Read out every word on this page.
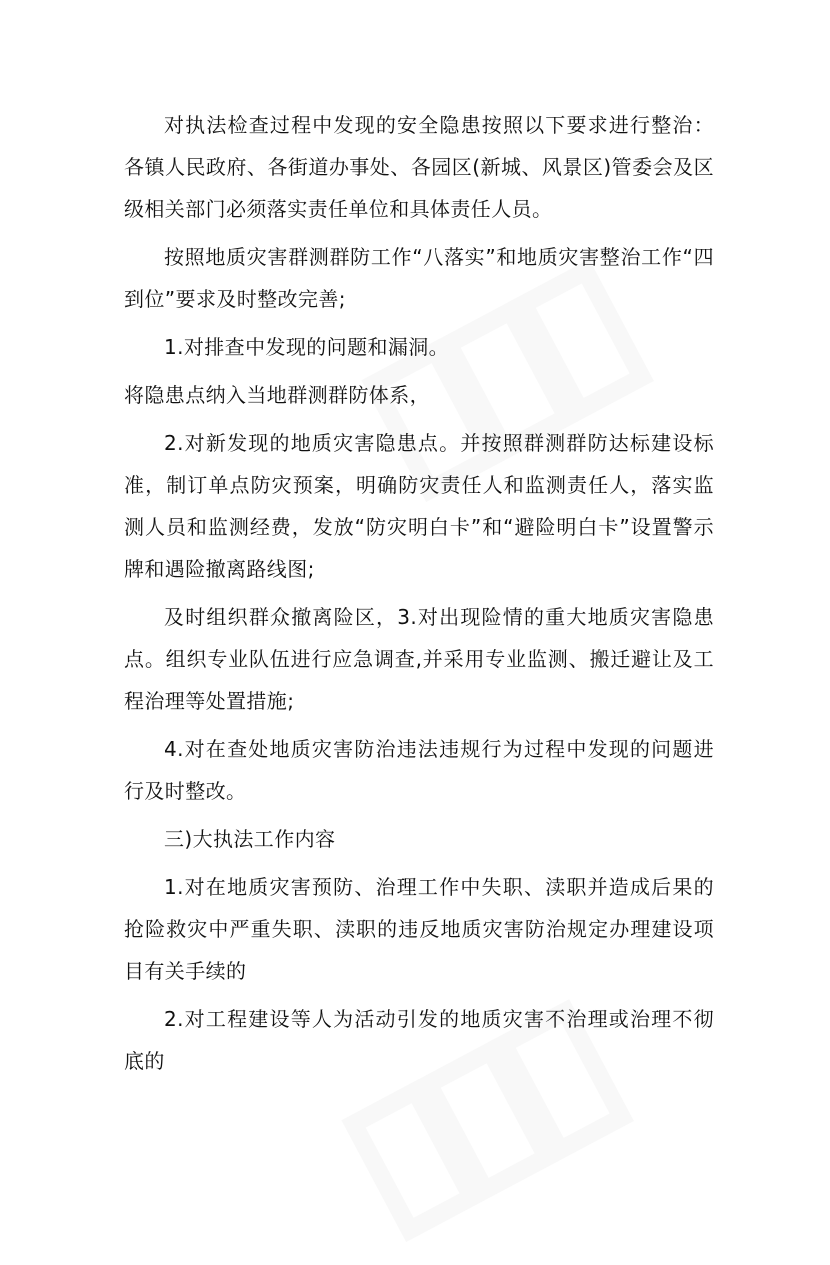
对执法检查过程中发现的安全隐患按照以下要求进行整治：各镇人民政府、各街道办事处、各园区(新城、风景区)管委会及区级相关部门必须落实责任单位和具体责任人员。

按照地质灾害群测群防工作“八落实”和地质灾害整治工作“四到位”要求及时整改完善;

1.对排查中发现的问题和漏洞。

将隐患点纳入当地群测群防体系，

2.对新发现的地质灾害隐患点。并按照群测群防达标建设标准，制订单点防灾预案，明确防灾责任人和监测责任人，落实监测人员和监测经费，发放“防灾明白卡”和“避险明白卡”设置警示牌和遇险撤离路线图;

及时组织群众撤离险区，3.对出现险情的重大地质灾害隐患点。组织专业队伍进行应急调查,并采用专业监测、搬迁避让及工程治理等处置措施;

4.对在查处地质灾害防治违法违规行为过程中发现的问题进行及时整改。

三)大执法工作内容

1.对在地质灾害预防、治理工作中失职、渎职并造成后果的抢险救灾中严重失职、渎职的违反地质灾害防治规定办理建设项目有关手续的

2.对工程建设等人为活动引发的地质灾害不治理或治理不彻底的
